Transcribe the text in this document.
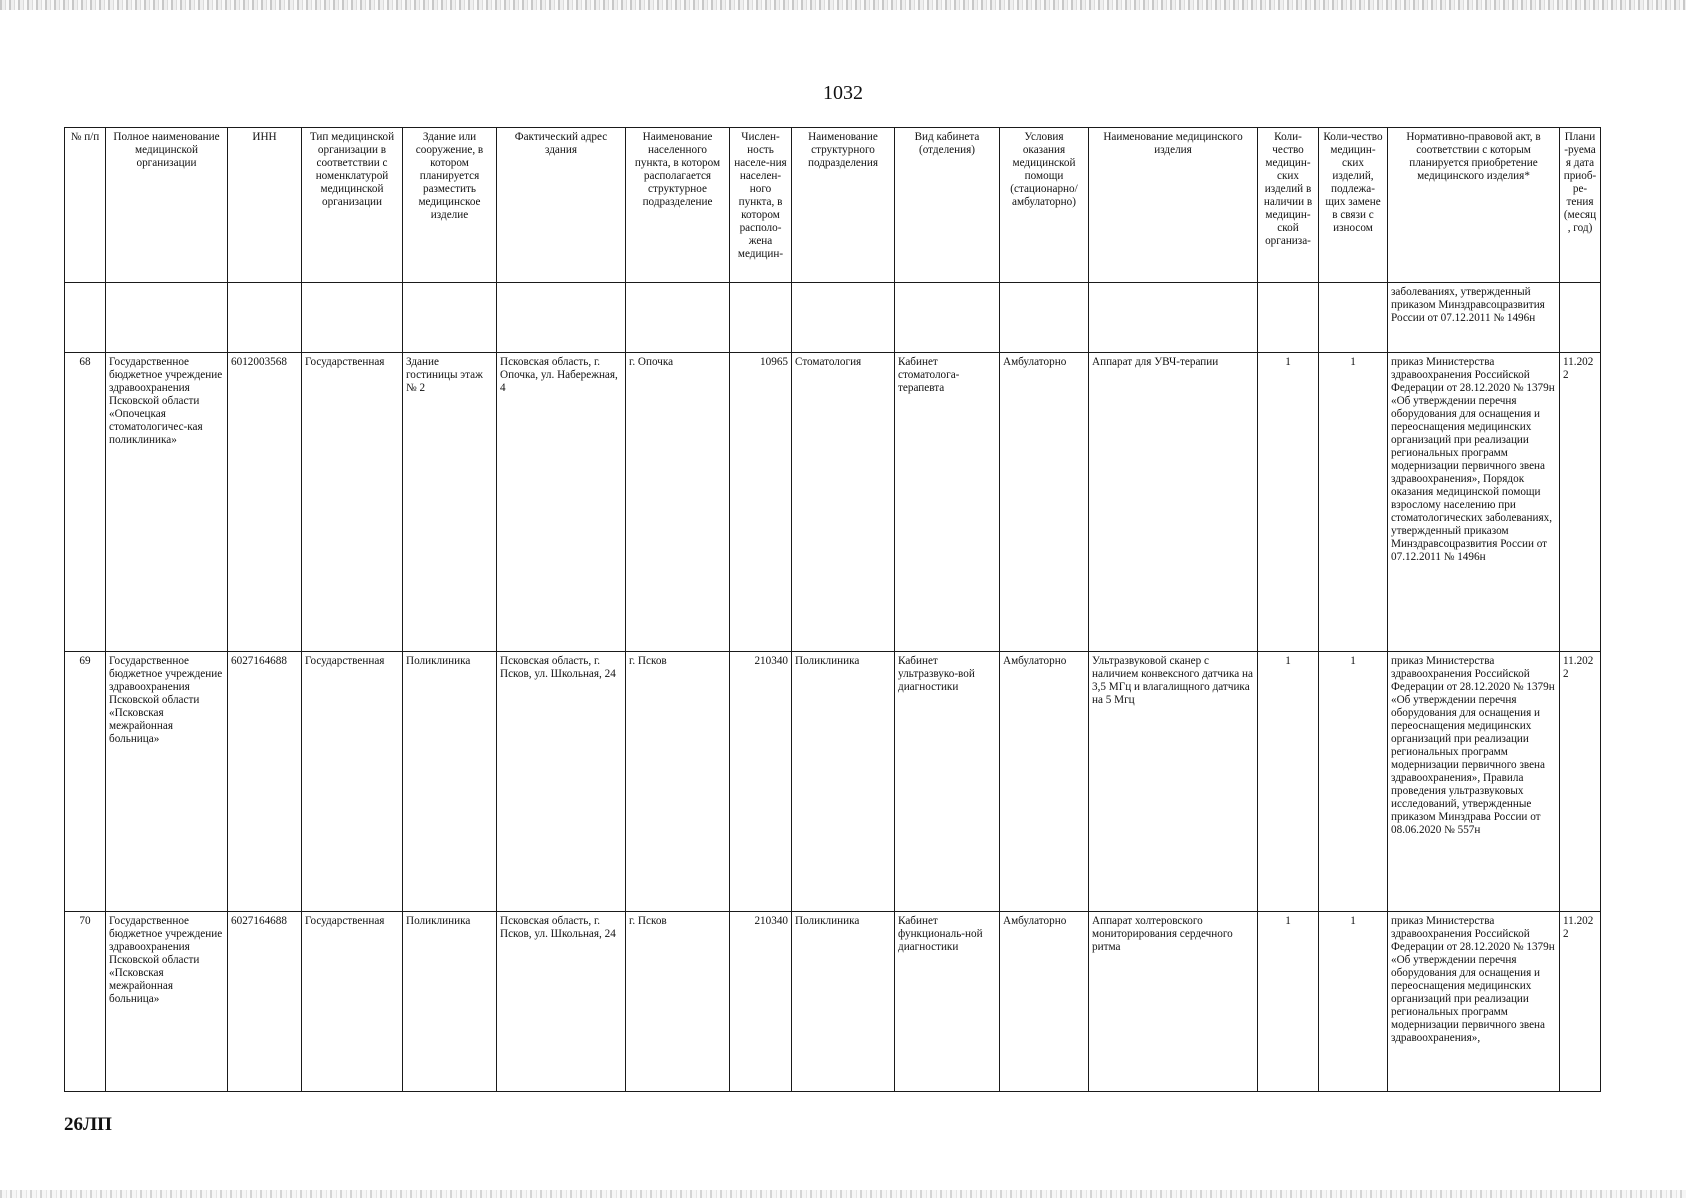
1032
№ п/п	Полное наименование медицинской организации	ИНН	Тип медицинской организации в соответствии с номенклатурой медицинской организации	Здание или сооружение, в котором планируется разместить медицинское изделие	Фактический адрес здания	Наименование населенного пункта, в котором располагается структурное подразделение	Числен-ность населе-ния населен-ного пункта, в котором располо-жена медицин-	Наименование структурного подразделения	Вид кабинета (отделения)	Условия оказания медицинской помощи (стационарно/амбулаторно)	Наименование медицинского изделия	Коли-чество медицин-ских изделий в наличии в медицин-ской организа-	Коли-чество медицин-ских изделий, подлежа-щих замене в связи с износом	Нормативно-правовой акт, в соответствии с которым планируется приобретение медицинского изделия*	Плани-руемая дата приоб-ре-тения (месяц, год)
														заболеваниях, утвержденный приказом Минздравсоцразвития России от 07.12.2011 № 1496н	
68	Государственное бюджетное учреждение здравоохранения Псковской области «Опочецкая стоматологичес-кая поликлиника»	6012003568	Государственная	Здание гостиницы этаж № 2	Псковская область, г. Опочка, ул. Набережная, 4	г. Опочка	10965	Стоматология	Кабинет стоматолога-терапевта	Амбулаторно	Аппарат для УВЧ-терапии	1	1	приказ Министерства здравоохранения Российской Федерации от 28.12.2020 № 1379н «Об утверждении перечня оборудования для оснащения и переоснащения медицинских организаций при реализации региональных программ модернизации первичного звена здравоохранения», Порядок оказания медицинской помощи взрослому населению при стоматологических заболеваниях, утвержденный приказом Минздравсоцразвития России от 07.12.2011 № 1496н	11.2022
69	Государственное бюджетное учреждение здравоохранения Псковской области «Псковская межрайонная больница»	6027164688	Государственная	Поликлиника	Псковская область, г. Псков, ул. Школьная, 24	г. Псков	210340	Поликлиника	Кабинет ультразвуко-вой диагностики	Амбулаторно	Ультразвуковой сканер с наличием конвексного датчика на 3,5 МГц и влагалищного датчика на 5 Мгц	1	1	приказ Министерства здравоохранения Российской Федерации от 28.12.2020 № 1379н «Об утверждении перечня оборудования для оснащения и переоснащения медицинских организаций при реализации региональных программ модернизации первичного звена здравоохранения», Правила проведения ультразвуковых исследований, утвержденные приказом Минздрава России от 08.06.2020 № 557н	11.2022
70	Государственное бюджетное учреждение здравоохранения Псковской области «Псковская межрайонная больница»	6027164688	Государственная	Поликлиника	Псковская область, г. Псков, ул. Школьная, 24	г. Псков	210340	Поликлиника	Кабинет функциональ-ной диагностики	Амбулаторно	Аппарат холтеровского мониторирования сердечного ритма	1	1	приказ Министерства здравоохранения Российской Федерации от 28.12.2020 № 1379н «Об утверждении перечня оборудования для оснащения и переоснащения медицинских организаций при реализации региональных программ модернизации первичного звена здравоохранения»,	11.2022
26ЛП
